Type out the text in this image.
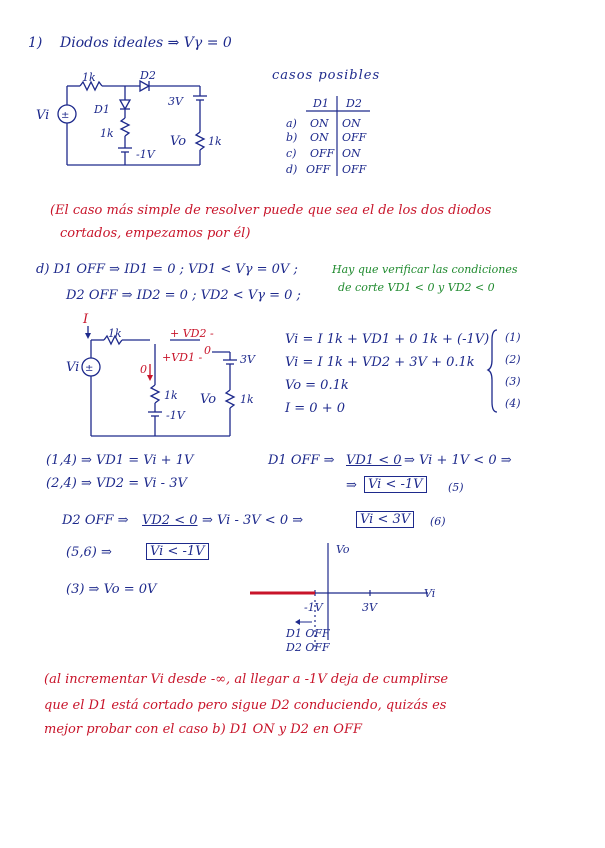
1) Diodos ideales ⇒ Vγ = 0
±
1k	D2
Vi	D1
1k
-1V
3V
Vo 1k
casos posibles
D1 D2
a) ON ON
b) ON OFF
c) OFF ON
d) OFF OFF
(El caso más simple de resolver puede que sea el de los dos diodos
cortados, empezamos por él)
d) D1 OFF ⇒ ID1 = 0 ; VD1 < Vγ = 0V ;
D2 OFF ⇒ ID2 = 0 ; VD2 < Vγ = 0 ;
Hay que verificar las condiciones
de corte VD1 < 0 y VD2 < 0
±
I
1k	+ VD2 -
+VD1 -
0
0
3V
Vi
1k
-1V
Vo 1k
Vi = I 1k + VD1 + 0 1k + (-1V)
Vi = I 1k + VD2 + 3V + 0.1k
Vo = 0.1k
I = 0 + 0
(1)
(2)
(3)
(4)
(1,4) ⇒ VD1 = Vi + 1V
(2,4) ⇒ VD2 = Vi - 3V
D1 OFF ⇒ VD1 < 0 ⇒ Vi + 1V < 0 ⇒
⇒ Vi < -1V	(5)
D2 OFF ⇒ VD2 < 0 ⇒ Vi - 3V < 0 ⇒	Vi < 3V	(6)
(5,6) ⇒	Vi < -1V
(3) ⇒ Vo = 0V
Vo
Vi
-1V	3V
D1 OFF
D2 OFF
(al incrementar Vi desde -∞, al llegar a -1V deja de cumplirse
que el D1 está cortado pero sigue D2 conduciendo, quizás es
mejor probar con el caso b) D1 ON y D2 en OFF
